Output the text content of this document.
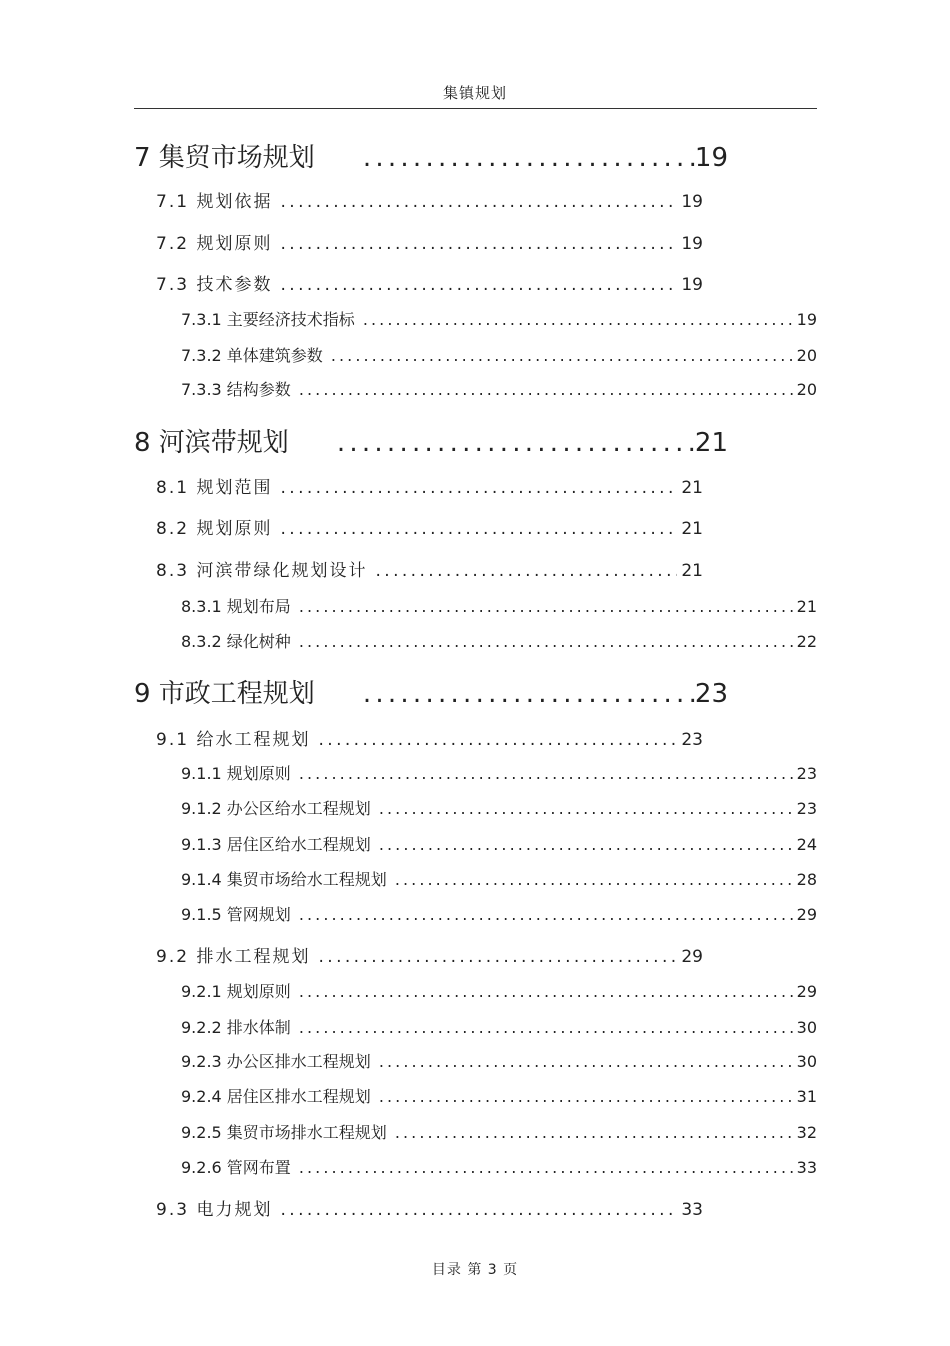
集镇规划
7 集贸市场规划 . . .	19
7.1 规划依据 . . .	19
7.2 规划原则 . . .	19
7.3 技术参数 . . .	19
7.3.1 主要经济技术指标 . . .	19
7.3.2 单体建筑参数 . . .	20
7.3.3 结构参数 . . .	20
8 河滨带规划 . . .	21
8.1 规划范围 . . .	21
8.2 规划原则 . . .	21
8.3 河滨带绿化规划设计 . . .	21
8.3.1 规划布局 . . .	21
8.3.2 绿化树种 . . .	22
9 市政工程规划 . . .	23
9.1 给水工程规划 . . .	23
9.1.1 规划原则 . . .	23
9.1.2 办公区给水工程规划 . . .	23
9.1.3 居住区给水工程规划 . . .	24
9.1.4 集贸市场给水工程规划 . . .	28
9.1.5 管网规划 . . .	29
9.2 排水工程规划 . . .	29
9.2.1 规划原则 . . .	29
9.2.2 排水体制 . . .	30
9.2.3 办公区排水工程规划 . . .	30
9.2.4 居住区排水工程规划 . . .	31
9.2.5 集贸市场排水工程规划 . . .	32
9.2.6 管网布置 . . .	33
9.3 电力规划 . . .	33
目录 第 3 页
